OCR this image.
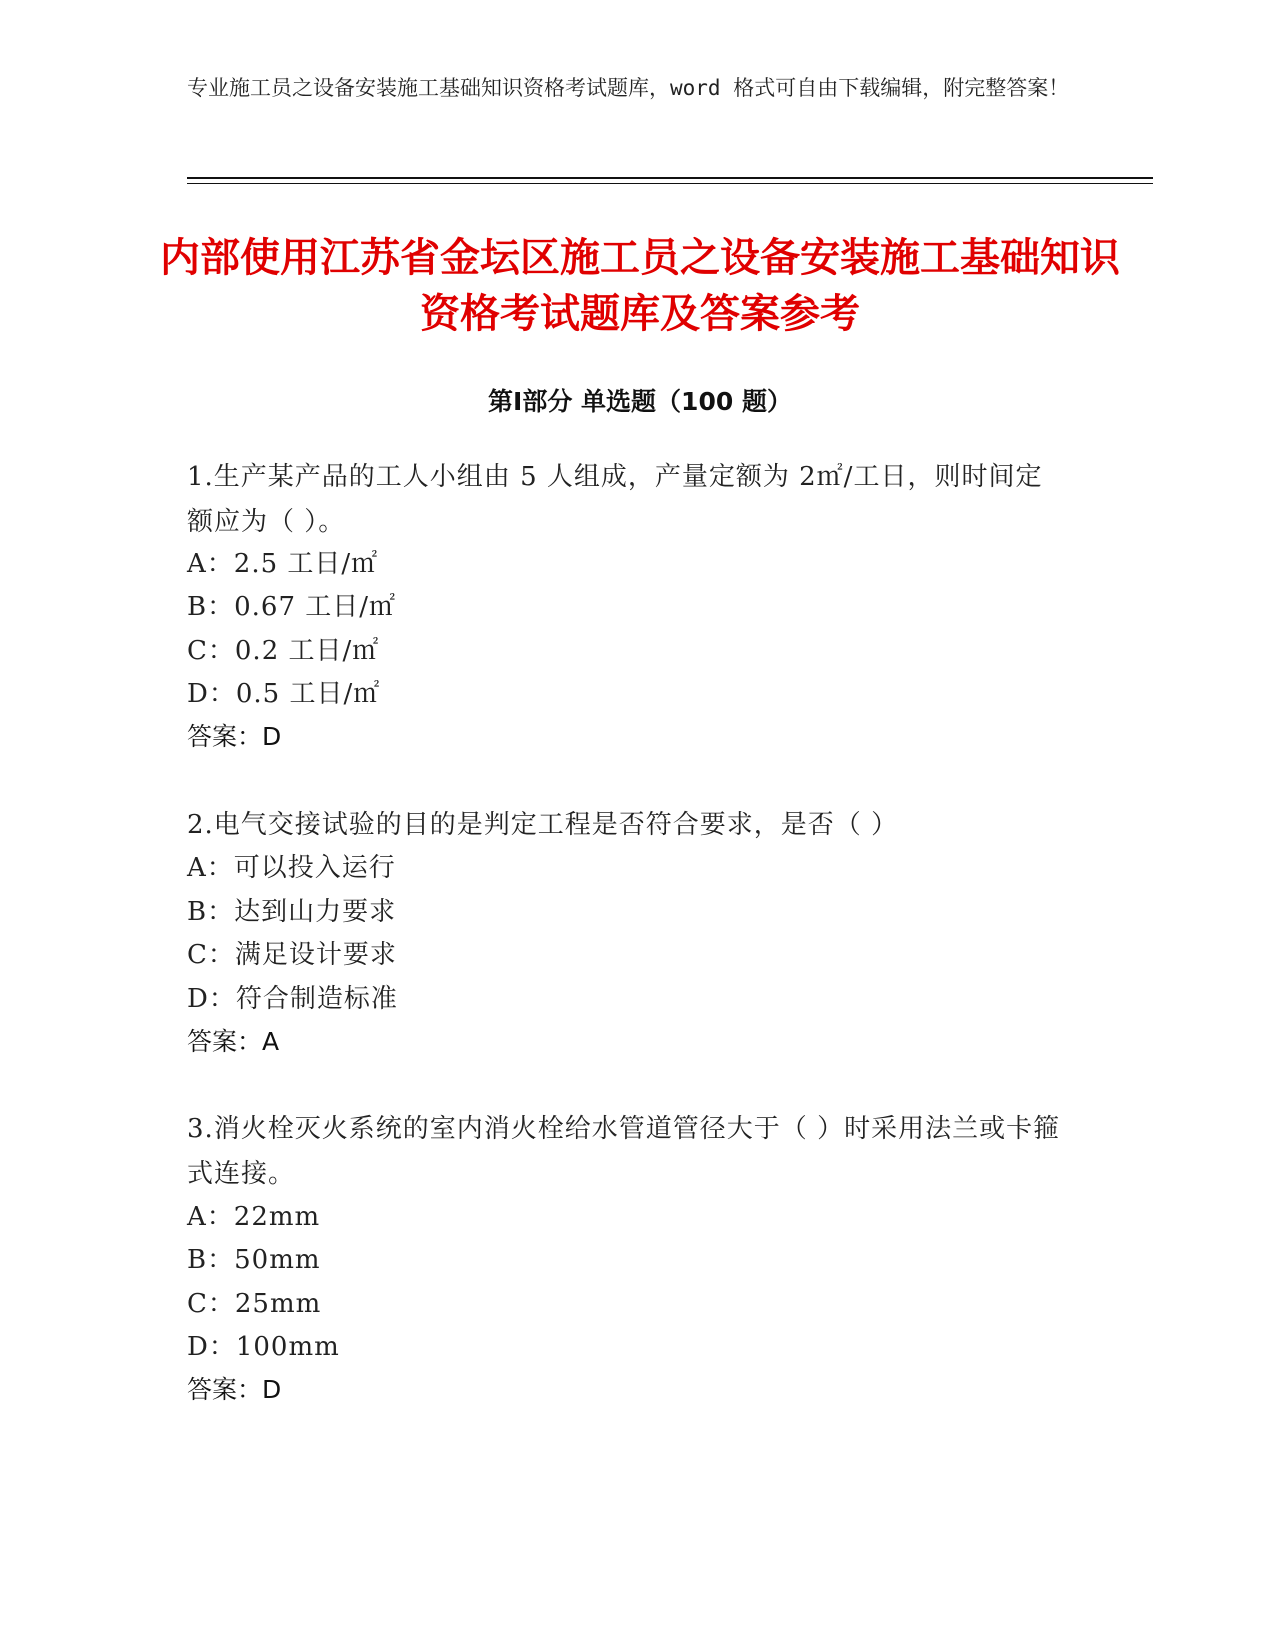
专业施工员之设备安装施工基础知识资格考试题库，word 格式可自由下载编辑，附完整答案！
内部使用江苏省金坛区施工员之设备安装施工基础知识资格考试题库及答案参考
第Ⅰ部分 单选题（100 题）
1.生产某产品的工人小组由 5 人组成，产量定额为 2㎡/工日，则时间定额应为（ ）。
A：2.5 工日/㎡
B：0.67 工日/㎡
C：0.2 工日/㎡
D：0.5 工日/㎡
答案：D
2.电气交接试验的目的是判定工程是否符合要求，是否（ ）
A：可以投入运行
B：达到山力要求
C：满足设计要求
D：符合制造标准
答案：A
3.消火栓灭火系统的室内消火栓给水管道管径大于（ ）时采用法兰或卡箍式连接。
A：22mm
B：50mm
C：25mm
D：100mm
答案：D
